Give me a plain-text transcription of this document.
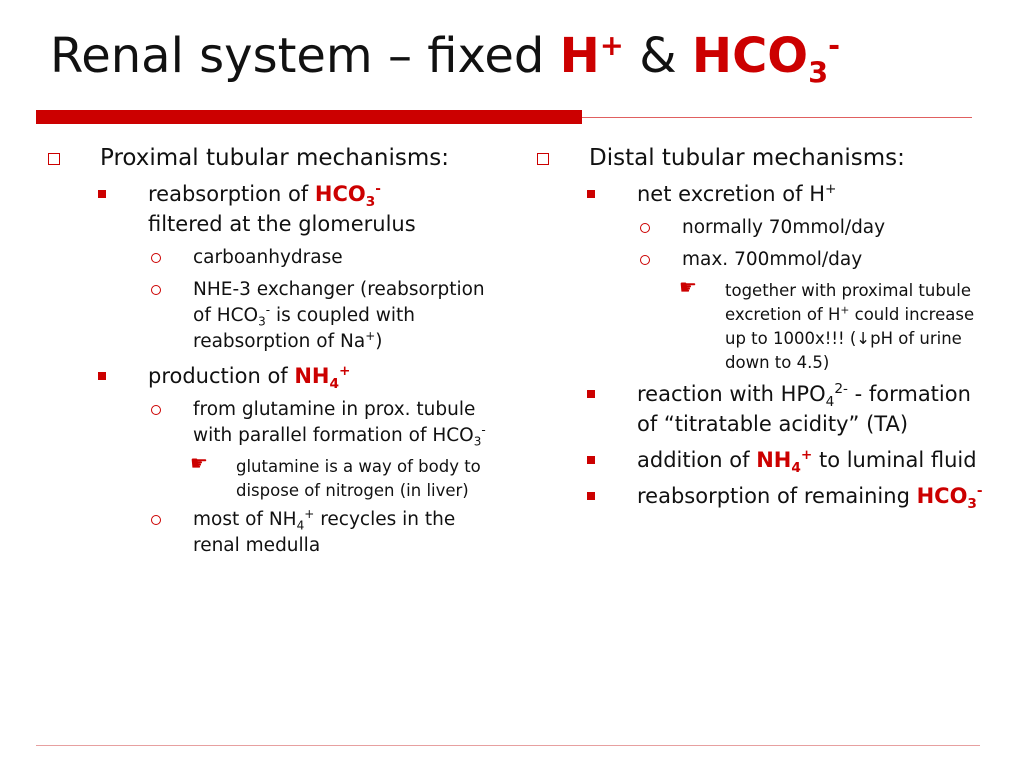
Renal system – fixed H+ & $HCO_3^-$
Proximal tubular mechanisms:
reabsorption of $HCO_3^-$
filtered at the glomerulus
carboanhydrase
NHE-3 exchanger (reabsorption of $HCO_3^-$ is coupled with reabsorption of Na+)
production of $NH_4^+$
from glutamine in prox. tubule with parallel formation of $HCO_3^-$
☛ glutamine is a way of body to dispose of nitrogen (in liver)
most of $NH_4^+$ recycles in the renal medulla
Distal tubular mechanisms:
net excretion of H+
normally 70mmol/day
max. 700mmol/day
☛ together with proximal tubule excretion of H+ could increase up to 1000x!!! (↓pH of urine down to 4.5)
reaction with $HPO_4^{2-}$ - formation of “titratable acidity” (TA)
addition of $NH_4^+$ to luminal fluid
reabsorption of remaining $HCO_3^-$
